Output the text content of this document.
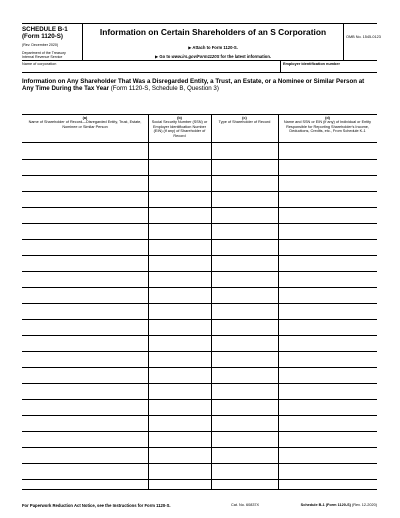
SCHEDULE B-1
(Form 1120-S)
(Rev. December 2020)
Department of the Treasury
Internal Revenue Service
Information on Certain Shareholders of an S Corporation
▶ Attach to Form 1120-S.
▶ Go to www.irs.gov/Form1120S for the latest information.
OMB No. 1545-0123
Name of corporation	Employer identification number
Information on Any Shareholder That Was a Disregarded Entity, a Trust, an Estate, or a Nominee or Similar Person at Any Time During the Tax Year (Form 1120-S, Schedule B, Question 3)
(a)
Name of Shareholder of Record—Disregarded Entity, Trust, Estate, Nominee or Similar Person
(b)
Social Security Number (SSN) or Employer Identification Number (EIN) (if any) of Shareholder of Record
(c)
Type of Shareholder of Record
(d)
Name and SSN or EIN (if any) of Individual or Entity Responsible for Reporting Shareholder's Income, Deductions, Credits, etc., From Schedule K-1
For Paperwork Reduction Act Notice, see the Instructions for Form 1120-S.	Cat. No. 60837X	Schedule B-1 (Form 1120-S) (Rev. 12-2020)
